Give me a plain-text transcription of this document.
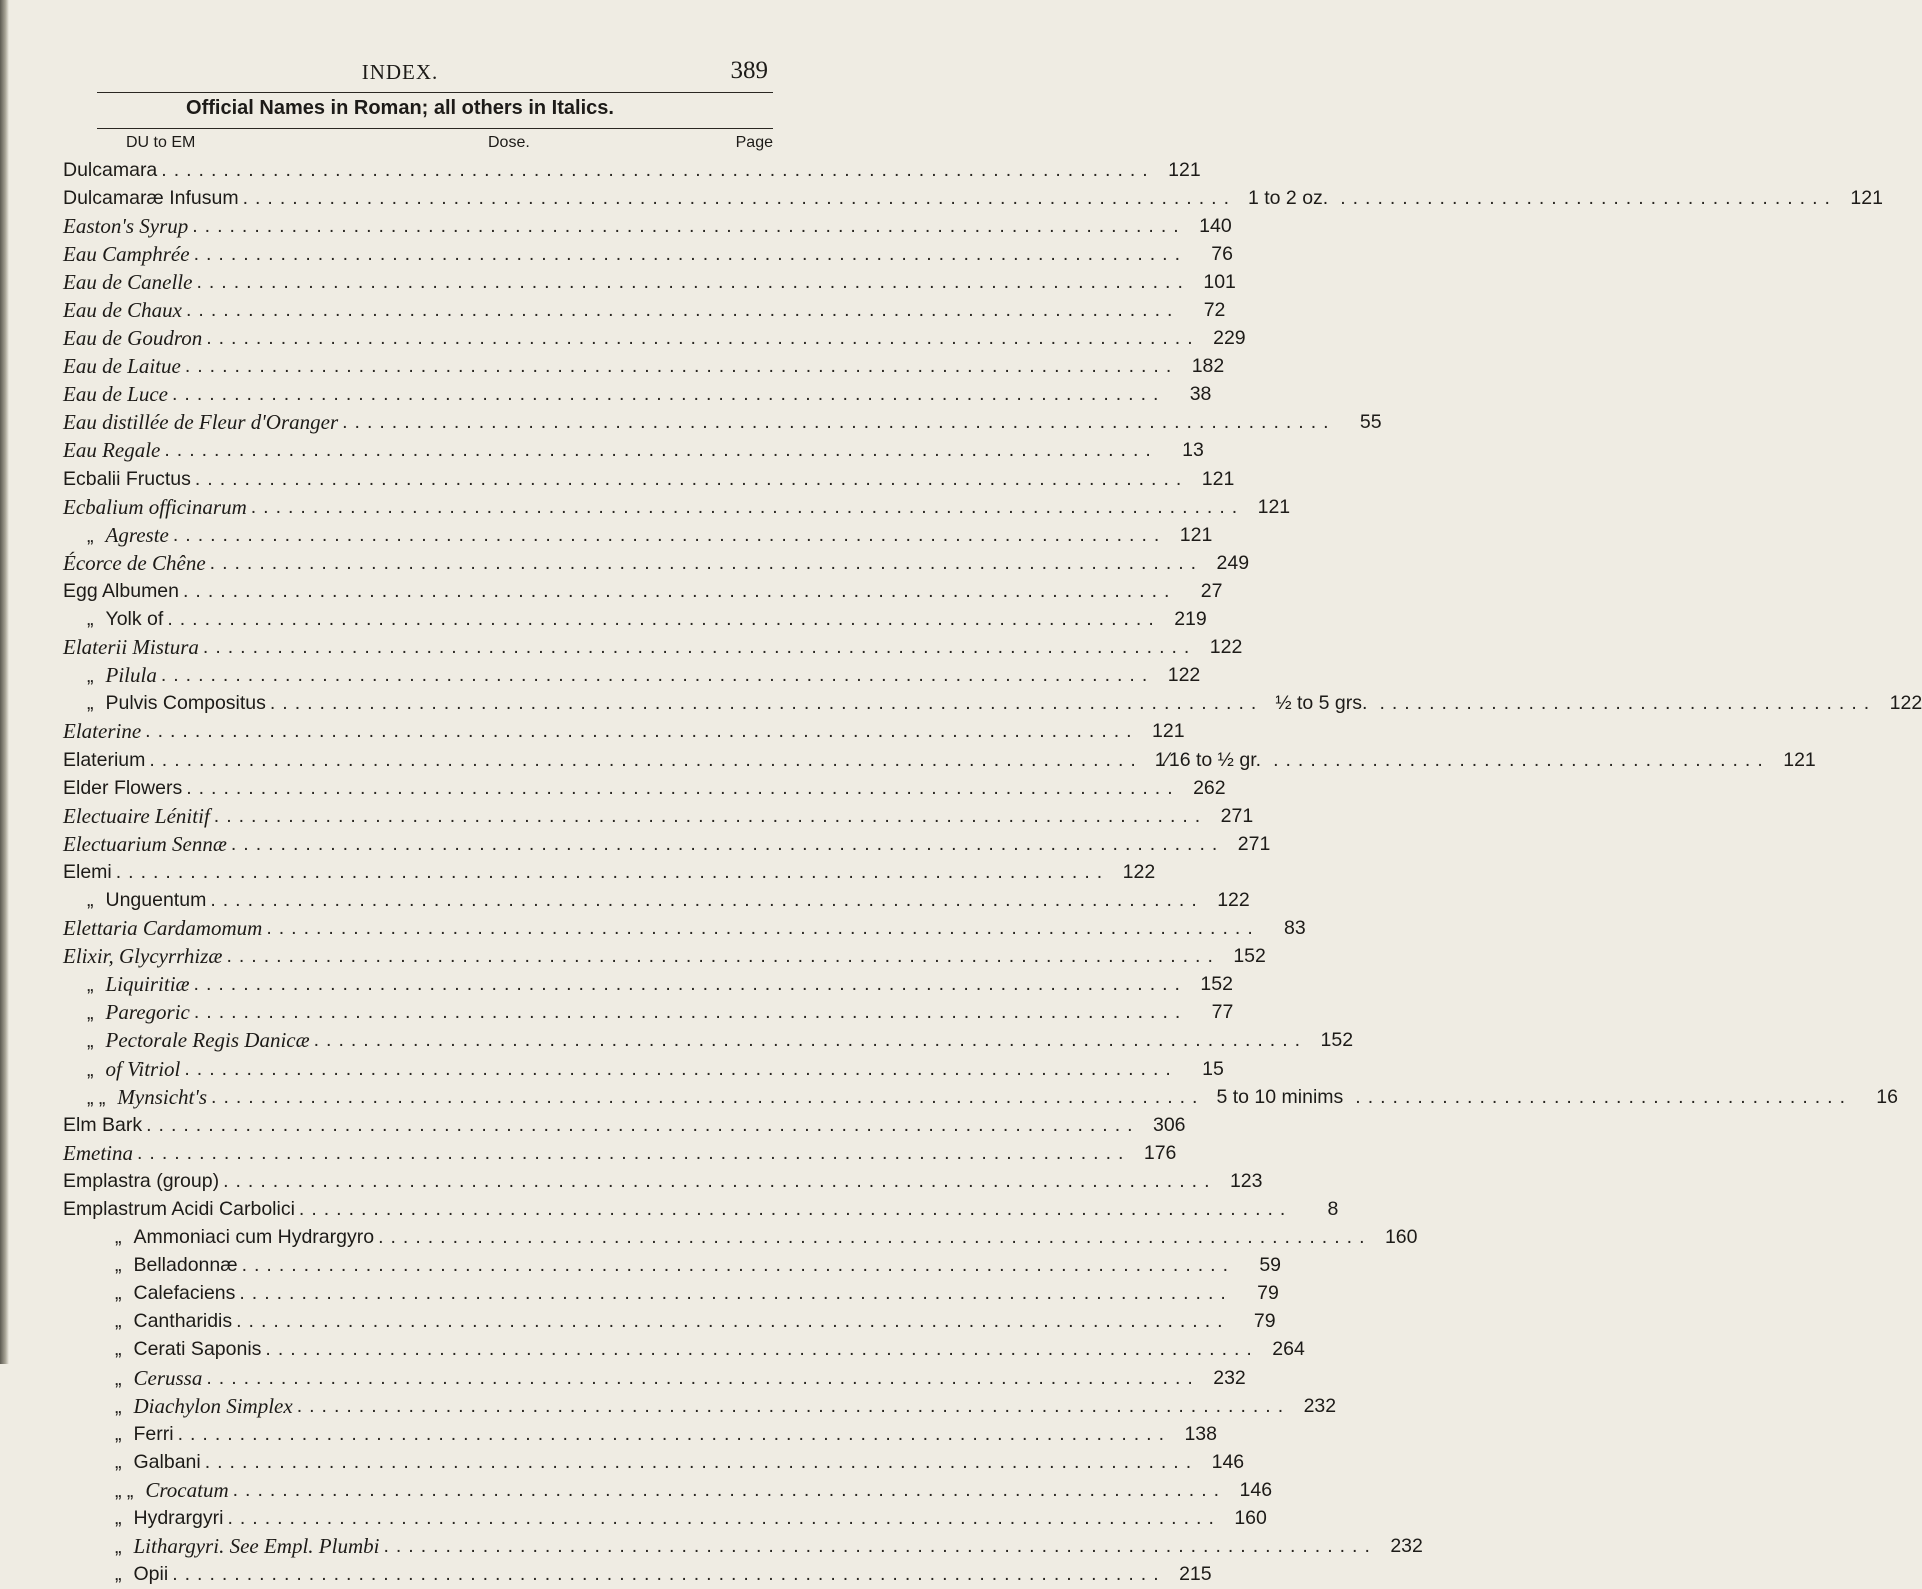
INDEX.	389
Official Names in Roman; all others in Italics.
DU to EM	Dose.	Page
Dulcamara ................................................................................ 121
Dulcamaræ Infusum ................................................................................ 1 to 2 oz. ........................................ 121
Easton's Syrup ................................................................................ 140
Eau Camphrée ................................................................................	76
Eau de Canelle ................................................................................ 101
Eau de Chaux ................................................................................	72
Eau de Goudron ................................................................................ 229
Eau de Laitue ................................................................................ 182
Eau de Luce ................................................................................	38
Eau distillée de Fleur d'Oranger ................................................................................	55
Eau Regale ................................................................................	13
Ecbalii Fructus ................................................................................ 121
Ecbalium officinarum ................................................................................ 121
„ Agreste ................................................................................ 121
Écorce de Chêne ................................................................................ 249
Egg Albumen ................................................................................	27
„ Yolk of ................................................................................ 219
Elaterii Mistura ................................................................................ 122
„ Pilula ................................................................................ 122
„ Pulvis Compositus ................................................................................ ½ to 5 grs. ........................................ 122
Elaterine ................................................................................ 121
Elaterium ................................................................................ 1⁄16 to ½ gr. ........................................ 121
Elder Flowers ................................................................................ 262
Electuaire Lénitif ................................................................................ 271
Electuarium Sennæ ................................................................................ 271
Elemi ................................................................................ 122
„ Unguentum ................................................................................ 122
Elettaria Cardamomum ................................................................................	83
Elixir, Glycyrrhizæ ................................................................................ 152
„ Liquiritiæ ................................................................................ 152
„ Paregoric ................................................................................	77
„ Pectorale Regis Danicæ ................................................................................ 152
„ of Vitriol ................................................................................	15
„ „ Mynsicht's ................................................................................ 5 to 10 minims ........................................	16
Elm Bark ................................................................................ 306
Emetina ................................................................................ 176
Emplastra (group) ................................................................................ 123
Emplastrum Acidi Carbolici ................................................................................	8
„ Ammoniaci cum Hydrargyro ................................................................................ 160
„ Belladonnæ ................................................................................	59
„ Calefaciens ................................................................................	79
„ Cantharidis ................................................................................	79
„ Cerati Saponis ................................................................................ 264
„ Cerussa ................................................................................ 232
„ Diachylon Simplex ................................................................................ 232
„ Ferri ................................................................................ 138
„ Galbani ................................................................................ 146
„ „ Crocatum ................................................................................ 146
„ Hydrargyri ................................................................................ 160
„ Lithargyri. See Empl. Plumbi ................................................................................ 232
„ Opii ................................................................................ 215
